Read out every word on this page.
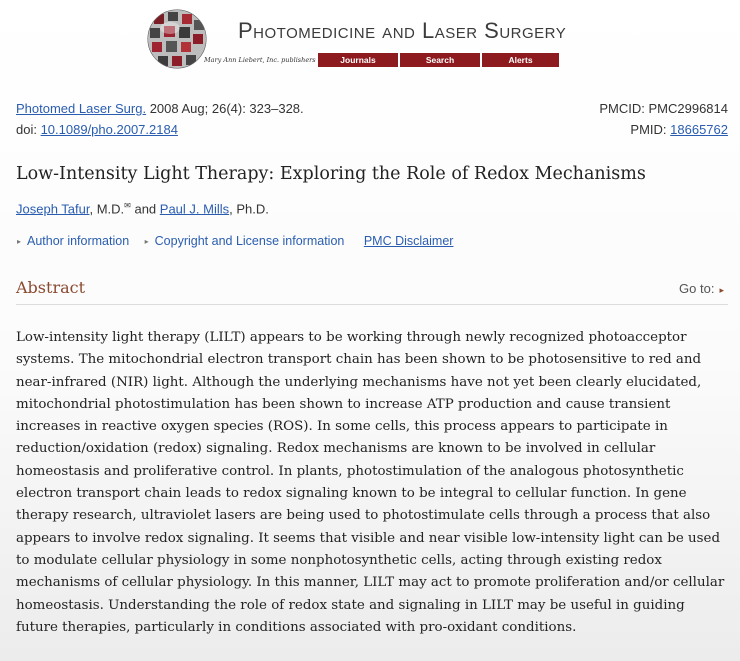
Photomedicine and Laser Surgery
Mary Ann Liebert, Inc. publishers	Journals	Search	Alerts
Photomed Laser Surg. 2008 Aug; 26(4): 323–328.
doi: 10.1089/pho.2007.2184
PMCID: PMC2996814
PMID: 18665762
Low-Intensity Light Therapy: Exploring the Role of Redox Mechanisms
Joseph Tafur, M.D.✉ and Paul J. Mills, Ph.D.
▸ Author information ▸ Copyright and License information PMC Disclaimer
Abstract	Go to: ▸

Low-intensity light therapy (LILT) appears to be working through newly recognized photoacceptor systems. The mitochondrial electron transport chain has been shown to be photosensitive to red and near-infrared (NIR) light. Although the underlying mechanisms have not yet been clearly elucidated, mitochondrial photostimulation has been shown to increase ATP production and cause transient increases in reactive oxygen species (ROS). In some cells, this process appears to participate in reduction/oxidation (redox) signaling. Redox mechanisms are known to be involved in cellular homeostasis and proliferative control. In plants, photostimulation of the analogous photosynthetic electron transport chain leads to redox signaling known to be integral to cellular function. In gene therapy research, ultraviolet lasers are being used to photostimulate cells through a process that also appears to involve redox signaling. It seems that visible and near visible low-intensity light can be used to modulate cellular physiology in some nonphotosynthetic cells, acting through existing redox mechanisms of cellular physiology. In this manner, LILT may act to promote proliferation and/or cellular homeostasis. Understanding the role of redox state and signaling in LILT may be useful in guiding future therapies, particularly in conditions associated with pro-oxidant conditions.
